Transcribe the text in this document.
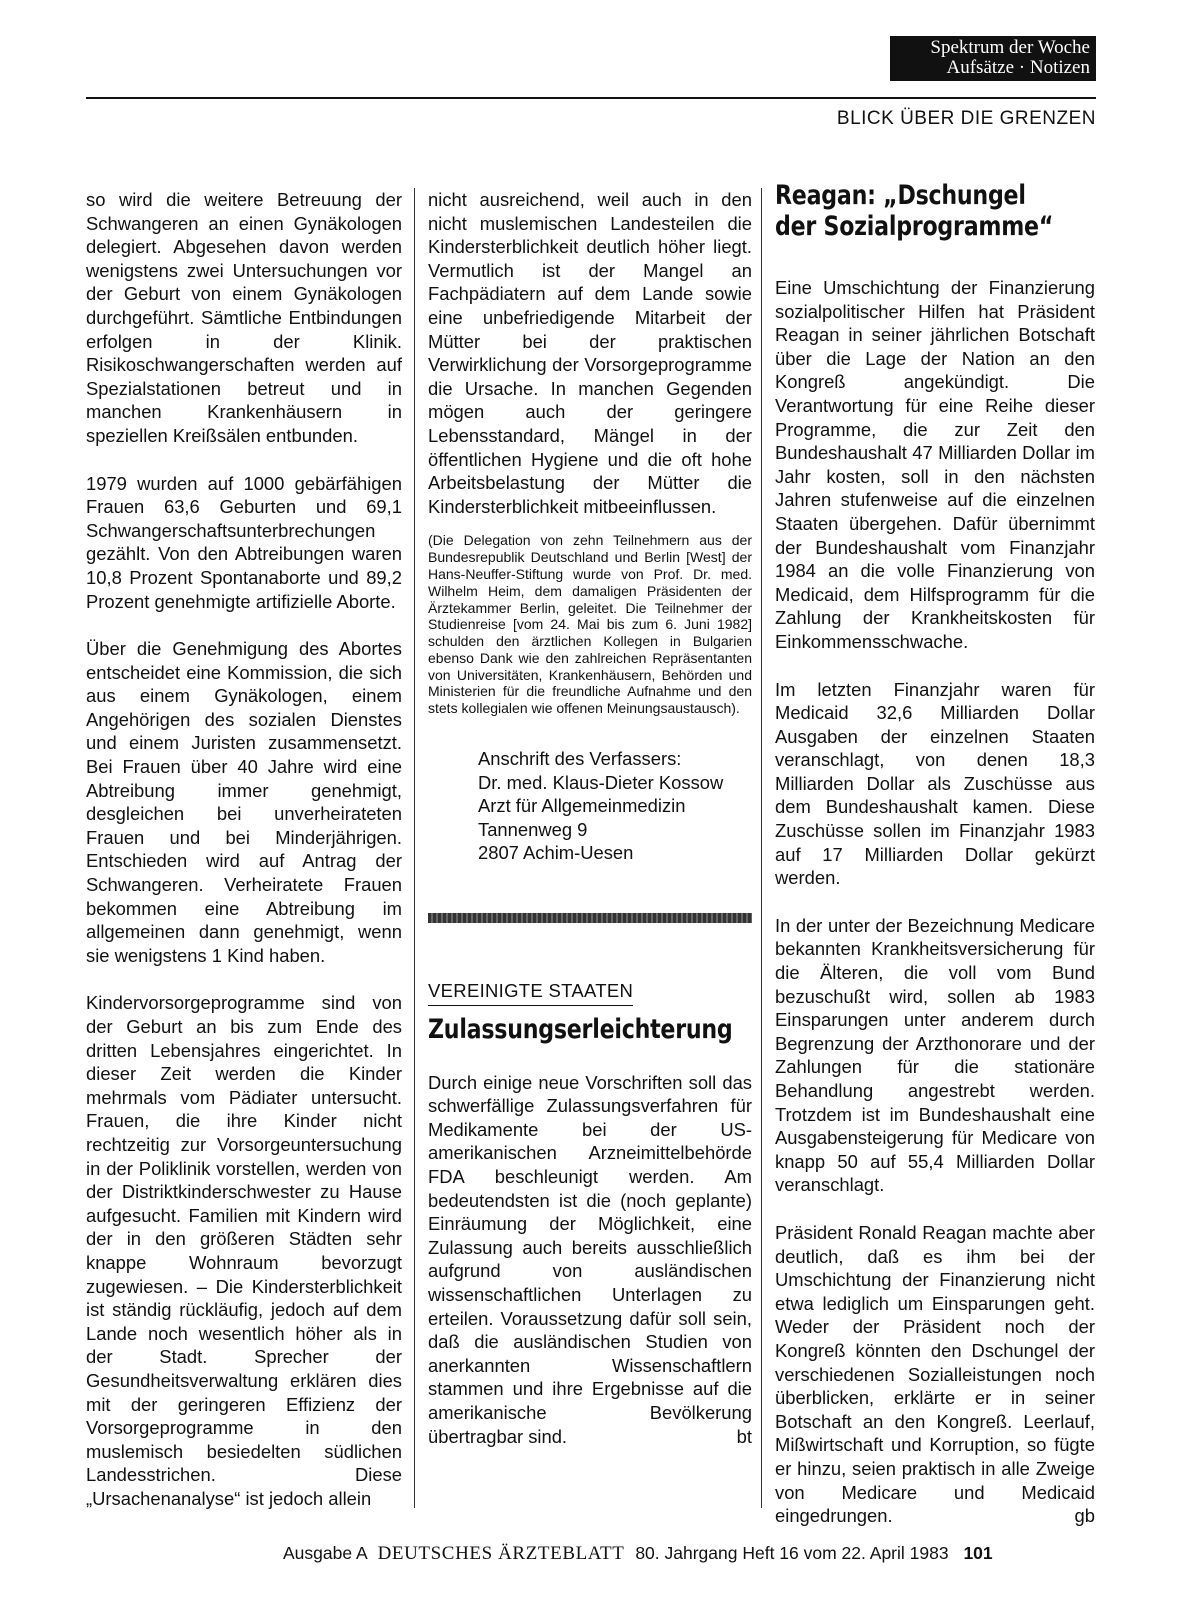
Spektrum der Woche
Aufsätze · Notizen
BLICK ÜBER DIE GRENZEN

so wird die weitere Betreuung der Schwangeren an einen Gynäkologen delegiert. Abgesehen davon werden wenigstens zwei Untersuchungen vor der Geburt von einem Gynäkologen durchgeführt. Sämtliche Entbindungen erfolgen in der Klinik. Risikoschwangerschaften werden auf Spezialstationen betreut und in manchen Krankenhäusern in speziellen Kreißsälen entbunden.

1979 wurden auf 1000 gebärfähigen Frauen 63,6 Geburten und 69,1 Schwangerschaftsunterbrechungen gezählt. Von den Abtreibungen waren 10,8 Prozent Spontanaborte und 89,2 Prozent genehmigte artifizielle Aborte.

Über die Genehmigung des Abortes entscheidet eine Kommission, die sich aus einem Gynäkologen, einem Angehörigen des sozialen Dienstes und einem Juristen zusammensetzt. Bei Frauen über 40 Jahre wird eine Abtreibung immer genehmigt, desgleichen bei unverheirateten Frauen und bei Minderjährigen. Entschieden wird auf Antrag der Schwangeren. Verheiratete Frauen bekommen eine Abtreibung im allgemeinen dann genehmigt, wenn sie wenigstens 1 Kind haben.

Kindervorsorgeprogramme sind von der Geburt an bis zum Ende des dritten Lebensjahres eingerichtet. In dieser Zeit werden die Kinder mehrmals vom Pädiater untersucht. Frauen, die ihre Kinder nicht rechtzeitig zur Vorsorgeuntersuchung in der Poliklinik vorstellen, werden von der Distriktkinderschwester zu Hause aufgesucht. Familien mit Kindern wird der in den größeren Städten sehr knappe Wohnraum bevorzugt zugewiesen. – Die Kindersterblichkeit ist ständig rückläufig, jedoch auf dem Lande noch wesentlich höher als in der Stadt. Sprecher der Gesundheitsverwaltung erklären dies mit der geringeren Effizienz der Vorsorgeprogramme in den muslemisch besiedelten südlichen Landesstrichen. Diese „Ursachenanalyse“ ist jedoch allein

nicht ausreichend, weil auch in den nicht muslemischen Landesteilen die Kindersterblichkeit deutlich höher liegt. Vermutlich ist der Mangel an Fachpädiatern auf dem Lande sowie eine unbefriedigende Mitarbeit der Mütter bei der praktischen Verwirklichung der Vorsorgeprogramme die Ursache. In manchen Gegenden mögen auch der geringere Lebensstandard, Mängel in der öffentlichen Hygiene und die oft hohe Arbeitsbelastung der Mütter die Kindersterblichkeit mitbeeinflussen.

(Die Delegation von zehn Teilnehmern aus der Bundesrepublik Deutschland und Berlin [West] der Hans-Neuffer-Stiftung wurde von Prof. Dr. med. Wilhelm Heim, dem damaligen Präsidenten der Ärztekammer Berlin, geleitet. Die Teilnehmer der Studienreise [vom 24. Mai bis zum 6. Juni 1982] schulden den ärztlichen Kollegen in Bulgarien ebenso Dank wie den zahlreichen Repräsentanten von Universitäten, Krankenhäusern, Behörden und Ministerien für die freundliche Aufnahme und den stets kollegialen wie offenen Meinungsaustausch).
Anschrift des Verfassers:
Dr. med. Klaus-Dieter Kossow
Arzt für Allgemeinmedizin
Tannenweg 9
2807 Achim-Uesen
VEREINIGTE STAATEN
Zulassungserleichterung

Durch einige neue Vorschriften soll das schwerfällige Zulassungsverfahren für Medikamente bei der US-amerikanischen Arzneimittelbehörde FDA beschleunigt werden. Am bedeutendsten ist die (noch geplante) Einräumung der Möglichkeit, eine Zulassung auch bereits ausschließlich aufgrund von ausländischen wissenschaftlichen Unterlagen zu erteilen. Voraussetzung dafür soll sein, daß die ausländischen Studien von anerkannten Wissenschaftlern stammen und ihre Ergebnisse auf die amerikanische Bevölkerung übertragbar sind.	bt

Reagan: „Dschungel
der Sozialprogramme“

Eine Umschichtung der Finanzierung sozialpolitischer Hilfen hat Präsident Reagan in seiner jährlichen Botschaft über die Lage der Nation an den Kongreß angekündigt. Die Verantwortung für eine Reihe dieser Programme, die zur Zeit den Bundeshaushalt 47 Milliarden Dollar im Jahr kosten, soll in den nächsten Jahren stufenweise auf die einzelnen Staaten übergehen. Dafür übernimmt der Bundeshaushalt vom Finanzjahr 1984 an die volle Finanzierung von Medicaid, dem Hilfsprogramm für die Zahlung der Krankheitskosten für Einkommensschwache.

Im letzten Finanzjahr waren für Medicaid 32,6 Milliarden Dollar Ausgaben der einzelnen Staaten veranschlagt, von denen 18,3 Milliarden Dollar als Zuschüsse aus dem Bundeshaushalt kamen. Diese Zuschüsse sollen im Finanzjahr 1983 auf 17 Milliarden Dollar gekürzt werden.

In der unter der Bezeichnung Medicare bekannten Krankheitsversicherung für die Älteren, die voll vom Bund bezuschußt wird, sollen ab 1983 Einsparungen unter anderem durch Begrenzung der Arzthonorare und der Zahlungen für die stationäre Behandlung angestrebt werden. Trotzdem ist im Bundeshaushalt eine Ausgabensteigerung für Medicare von knapp 50 auf 55,4 Milliarden Dollar veranschlagt.

Präsident Ronald Reagan machte aber deutlich, daß es ihm bei der Umschichtung der Finanzierung nicht etwa lediglich um Einsparungen geht. Weder der Präsident noch der Kongreß könnten den Dschungel der verschiedenen Sozialleistungen noch überblicken, erklärte er in seiner Botschaft an den Kongreß. Leerlauf, Mißwirtschaft und Korruption, so fügte er hinzu, seien praktisch in alle Zweige von Medicare und Medicaid eingedrungen.	gb

Ausgabe A DEUTSCHES ÄRZTEBLATT 80. Jahrgang Heft 16 vom 22. April 1983 101
